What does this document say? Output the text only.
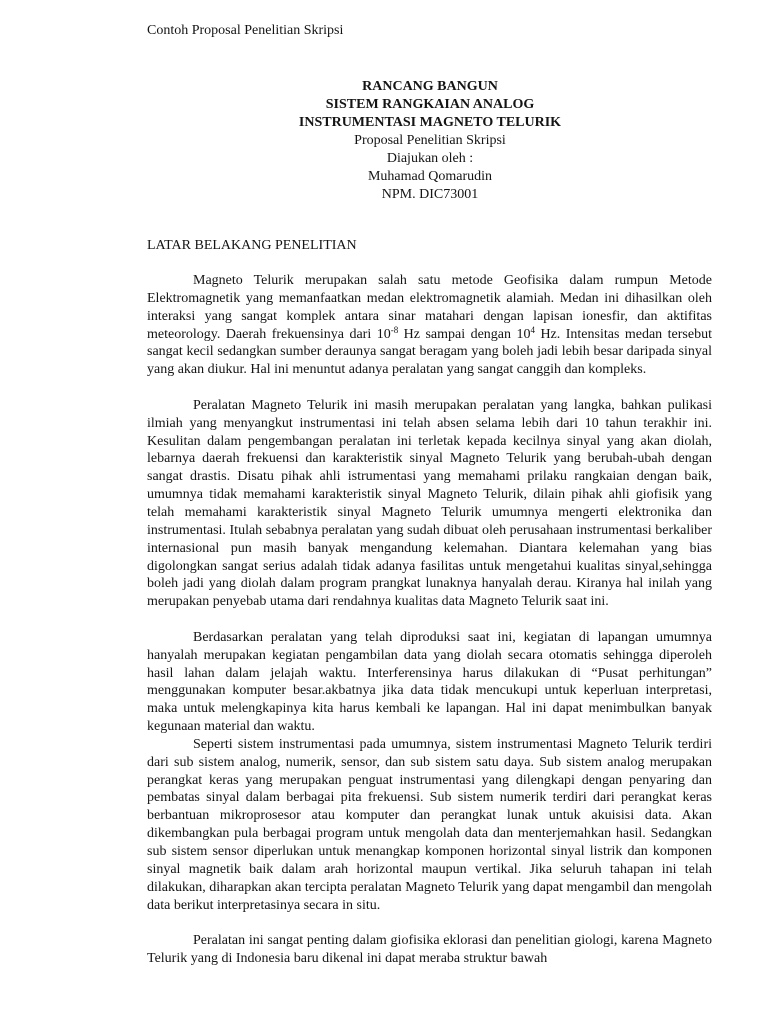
Contoh Proposal Penelitian Skripsi
RANCANG BANGUN
SISTEM RANGKAIAN ANALOG
INSTRUMENTASI MAGNETO TELURIK
Proposal Penelitian Skripsi
Diajukan oleh :
Muhamad Qomarudin
NPM. DIC73001
LATAR BELAKANG PENELITIAN

Magneto Telurik merupakan salah satu metode Geofisika dalam rumpun Metode Elektromagnetik yang memanfaatkan medan elektromagnetik alamiah. Medan ini dihasilkan oleh interaksi yang sangat komplek antara sinar matahari dengan lapisan ionesfir, dan aktifitas meteorology. Daerah frekuensinya dari $10^{-8}$ Hz sampai dengan $10^4$ Hz. Intensitas medan tersebut sangat kecil sedangkan sumber deraunya sangat beragam yang boleh jadi lebih besar daripada sinyal yang akan diukur. Hal ini menuntut adanya peralatan yang sangat canggih dan kompleks.

Peralatan Magneto Telurik ini masih merupakan peralatan yang langka, bahkan pulikasi ilmiah yang menyangkut instrumentasi ini telah absen selama lebih dari 10 tahun terakhir ini. Kesulitan dalam pengembangan peralatan ini terletak kepada kecilnya sinyal yang akan diolah, lebarnya daerah frekuensi dan karakteristik sinyal Magneto Telurik yang berubah-ubah dengan sangat drastis. Disatu pihak ahli istrumentasi yang memahami prilaku rangkaian dengan baik, umumnya tidak memahami karakteristik sinyal Magneto Telurik, dilain pihak ahli giofisik yang telah memahami karakteristik sinyal Magneto Telurik umumnya mengerti elektronika dan instrumentasi. Itulah sebabnya peralatan yang sudah dibuat oleh perusahaan instrumentasi berkaliber internasional pun masih banyak mengandung kelemahan. Diantara kelemahan yang bias digolongkan sangat serius adalah tidak adanya fasilitas untuk mengetahui kualitas sinyal,sehingga boleh jadi yang diolah dalam program prangkat lunaknya hanyalah derau. Kiranya hal inilah yang merupakan penyebab utama dari rendahnya kualitas data Magneto Telurik saat ini.

Berdasarkan peralatan yang telah diproduksi saat ini, kegiatan di lapangan umumnya hanyalah merupakan kegiatan pengambilan data yang diolah secara otomatis sehingga diperoleh hasil lahan dalam jelajah waktu. Interferensinya harus dilakukan di “Pusat perhitungan” menggunakan komputer besar.akbatnya jika data tidak mencukupi untuk keperluan interpretasi, maka untuk melengkapinya kita harus kembali ke lapangan. Hal ini dapat menimbulkan banyak kegunaan material dan waktu.

Seperti sistem instrumentasi pada umumnya, sistem instrumentasi Magneto Telurik terdiri dari sub sistem analog, numerik, sensor, dan sub sistem satu daya. Sub sistem analog merupakan perangkat keras yang merupakan penguat instrumentasi yang dilengkapi dengan penyaring dan pembatas sinyal dalam berbagai pita frekuensi. Sub sistem numerik terdiri dari perangkat keras berbantuan mikroprosesor atau komputer dan perangkat lunak untuk akuisisi data. Akan dikembangkan pula berbagai program untuk mengolah data dan menterjemahkan hasil. Sedangkan sub sistem sensor diperlukan untuk menangkap komponen horizontal sinyal listrik dan komponen sinyal magnetik baik dalam arah horizontal maupun vertikal. Jika seluruh tahapan ini telah dilakukan, diharapkan akan tercipta peralatan Magneto Telurik yang dapat mengambil dan mengolah data berikut interpretasinya secara in situ.

Peralatan ini sangat penting dalam giofisika eklorasi dan penelitian giologi, karena Magneto Telurik yang di Indonesia baru dikenal ini dapat meraba struktur bawah
